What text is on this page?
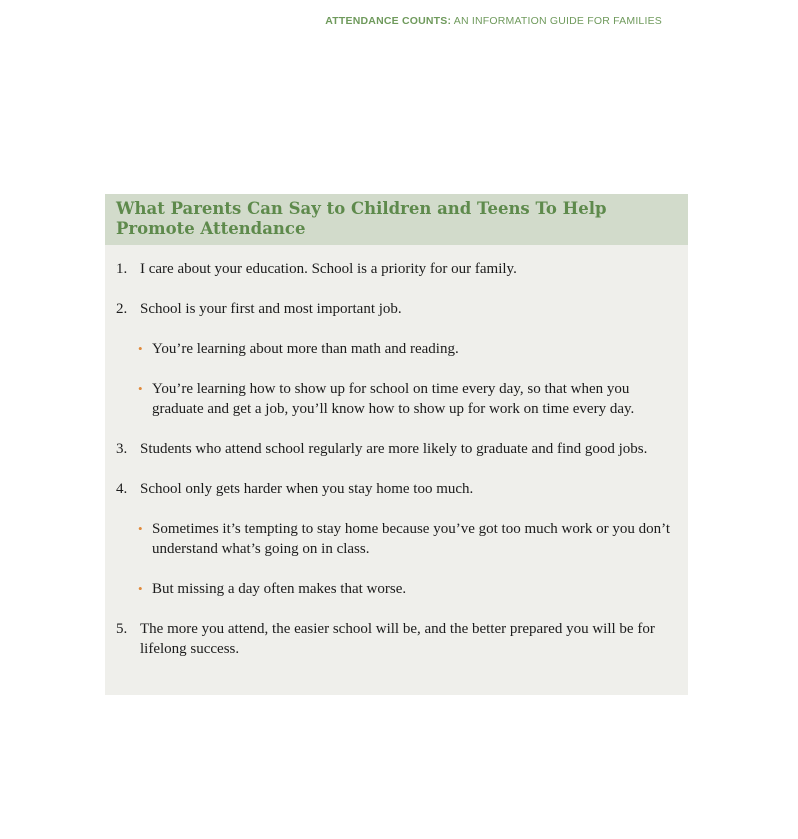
ATTENDANCE COUNTS: AN INFORMATION GUIDE FOR FAMILIES
What Parents Can Say to Children and Teens To Help Promote Attendance
1. I care about your education. School is a priority for our family.
2. School is your first and most important job.
• You’re learning about more than math and reading.
• You’re learning how to show up for school on time every day, so that when you graduate and get a job, you’ll know how to show up for work on time every day.
3. Students who attend school regularly are more likely to graduate and find good jobs.
4. School only gets harder when you stay home too much.
• Sometimes it’s tempting to stay home because you’ve got too much work or you don’t understand what’s going on in class.
• But missing a day often makes that worse.
5. The more you attend, the easier school will be, and the better prepared you will be for lifelong success.
